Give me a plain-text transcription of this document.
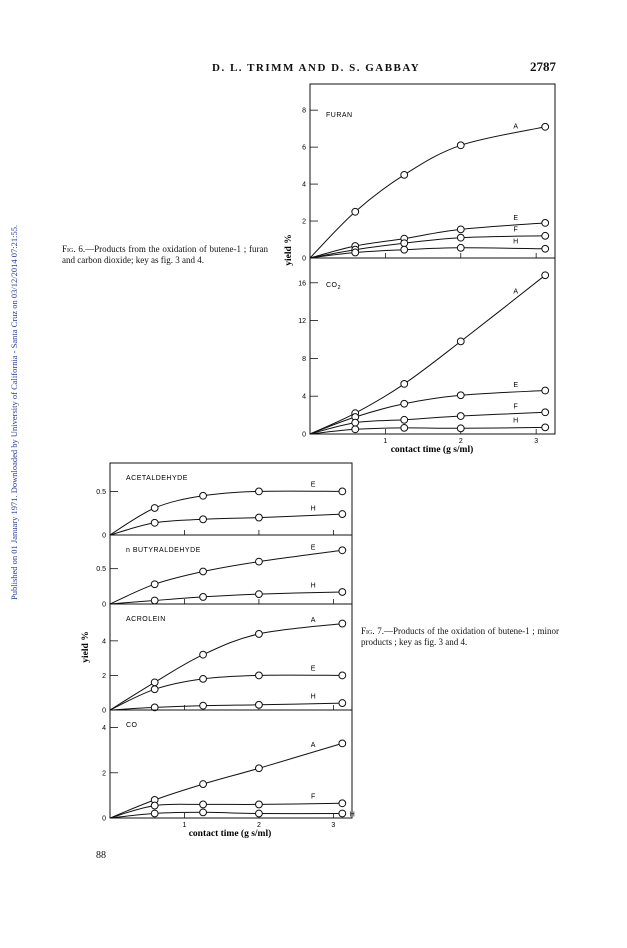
D. L. TRIMM AND D. S. GABBAY	2787
Published on 01 January 1971. Downloaded by University of California - Santa Cruz on 03/12/2014 07:21:55.	Fig. 6.—Products from the oxidation of butene-1 ; furan and carbon dioxide; key as fig. 3 and 4.
Fig. 7.—Products of the oxidation of butene-1 ; minor products ; key as fig. 3 and 4.
88
FURAN
0
2
4
6
8
A
E
F
H
$CO_2$
0
4
8
12
16
1	2	3
A
E
F
H
ACETALDEHYDE
0
0.5
E
H
n BUTYRALDEHYDE
0
0.5
E
H
ACROLEIN
0
2
4
A
E
H
CO
0
2
4
1	2	3
A
F
H
yield %
contact time (g s/ml)
yield %
contact time (g s/ml)
